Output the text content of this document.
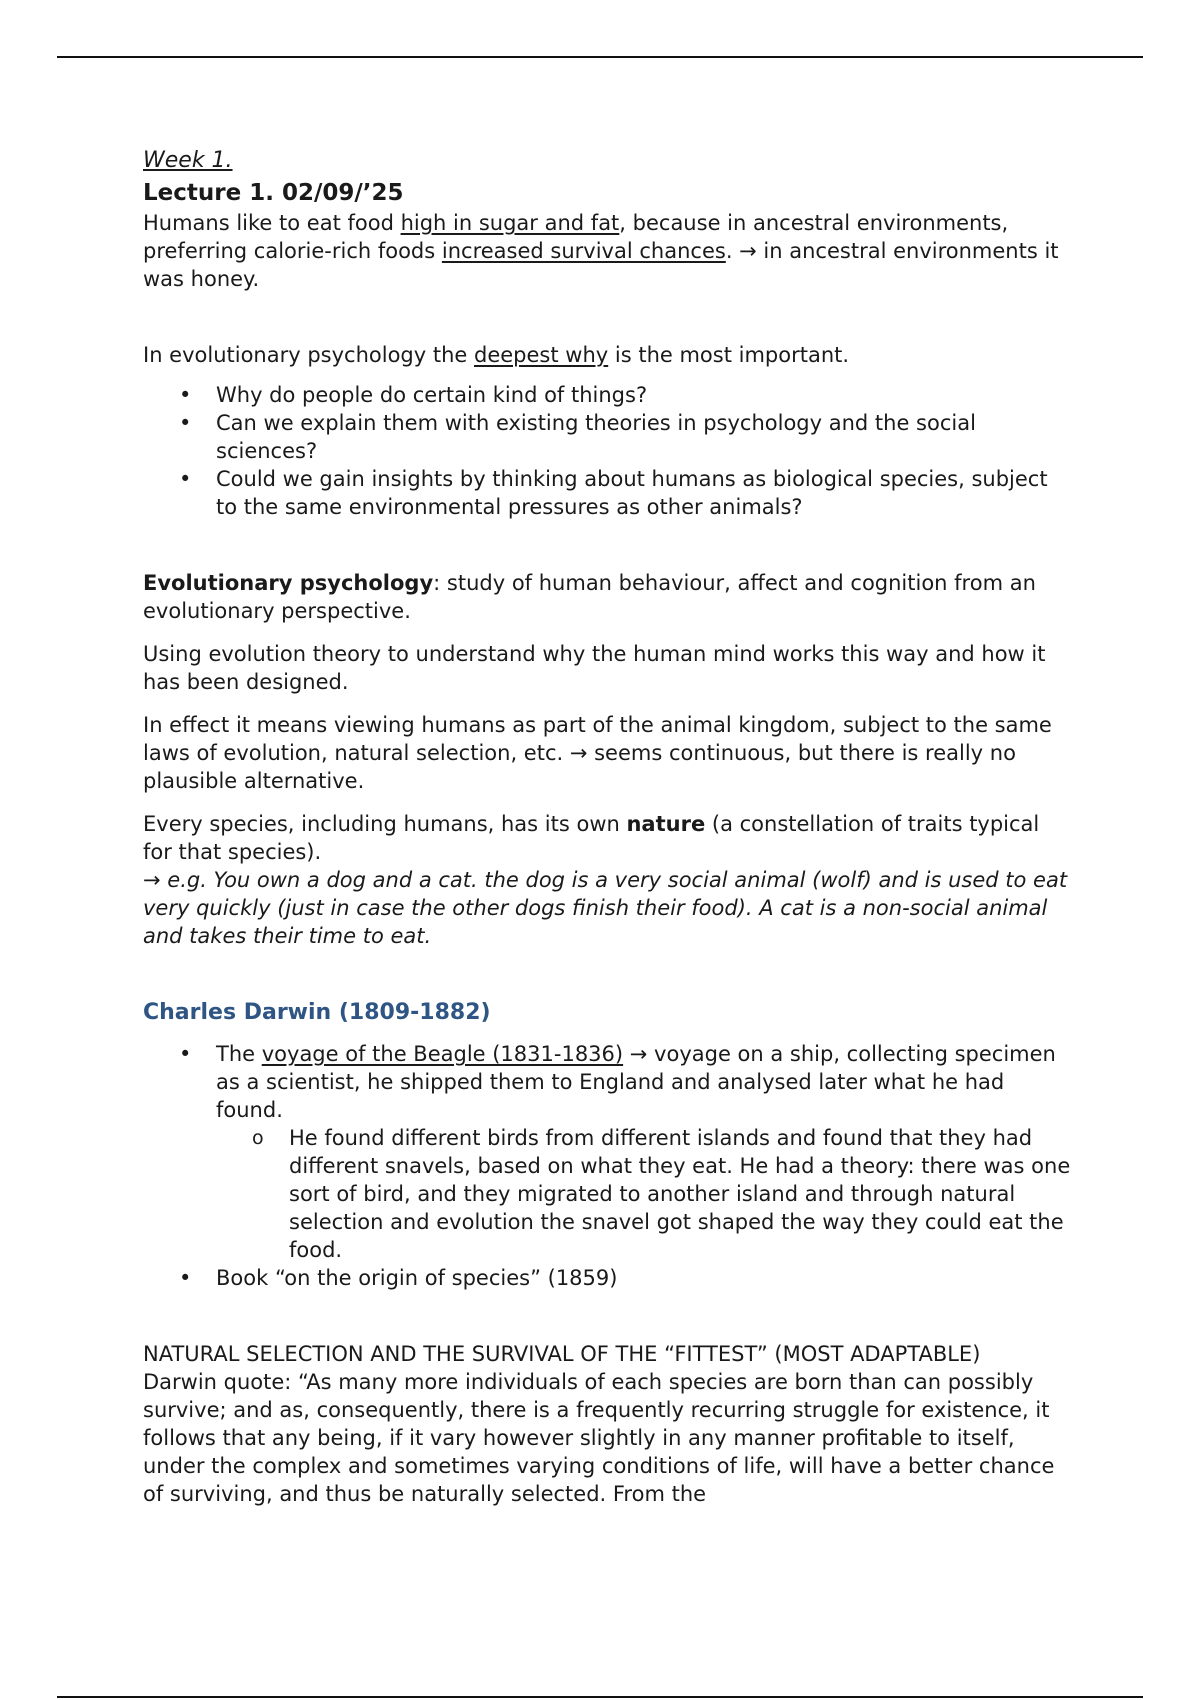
Week 1.

Lecture 1. 02/09/’25

Humans like to eat food high in sugar and fat, because in ancestral environments, preferring calorie-rich foods increased survival chances. → in ancestral environments it was honey.

In evolutionary psychology the deepest why is the most important.

• Why do people do certain kind of things?
• Can we explain them with existing theories in psychology and the social sciences?
• Could we gain insights by thinking about humans as biological species, subject to the same environmental pressures as other animals?

Evolutionary psychology: study of human behaviour, affect and cognition from an evolutionary perspective.

Using evolution theory to understand why the human mind works this way and how it has been designed.

In effect it means viewing humans as part of the animal kingdom, subject to the same laws of evolution, natural selection, etc. → seems continuous, but there is really no plausible alternative.

Every species, including humans, has its own nature (a constellation of traits typical for that species).

→ e.g. You own a dog and a cat. the dog is a very social animal (wolf) and is used to eat very quickly (just in case the other dogs finish their food). A cat is a non-social animal and takes their time to eat.

Charles Darwin (1809-1882)

• The voyage of the Beagle (1831-1836) → voyage on a ship, collecting specimen as a scientist, he shipped them to England and analysed later what he had found.
o He found different birds from different islands and found that they had different snavels, based on what they eat. He had a theory: there was one sort of bird, and they migrated to another island and through natural selection and evolution the snavel got shaped the way they could eat the food.
• Book “on the origin of species” (1859)

NATURAL SELECTION AND THE SURVIVAL OF THE “FITTEST” (MOST ADAPTABLE)

Darwin quote: “As many more individuals of each species are born than can possibly survive; and as, consequently, there is a frequently recurring struggle for existence, it follows that any being, if it vary however slightly in any manner profitable to itself, under the complex and sometimes varying conditions of life, will have a better chance of surviving, and thus be naturally selected. From the
